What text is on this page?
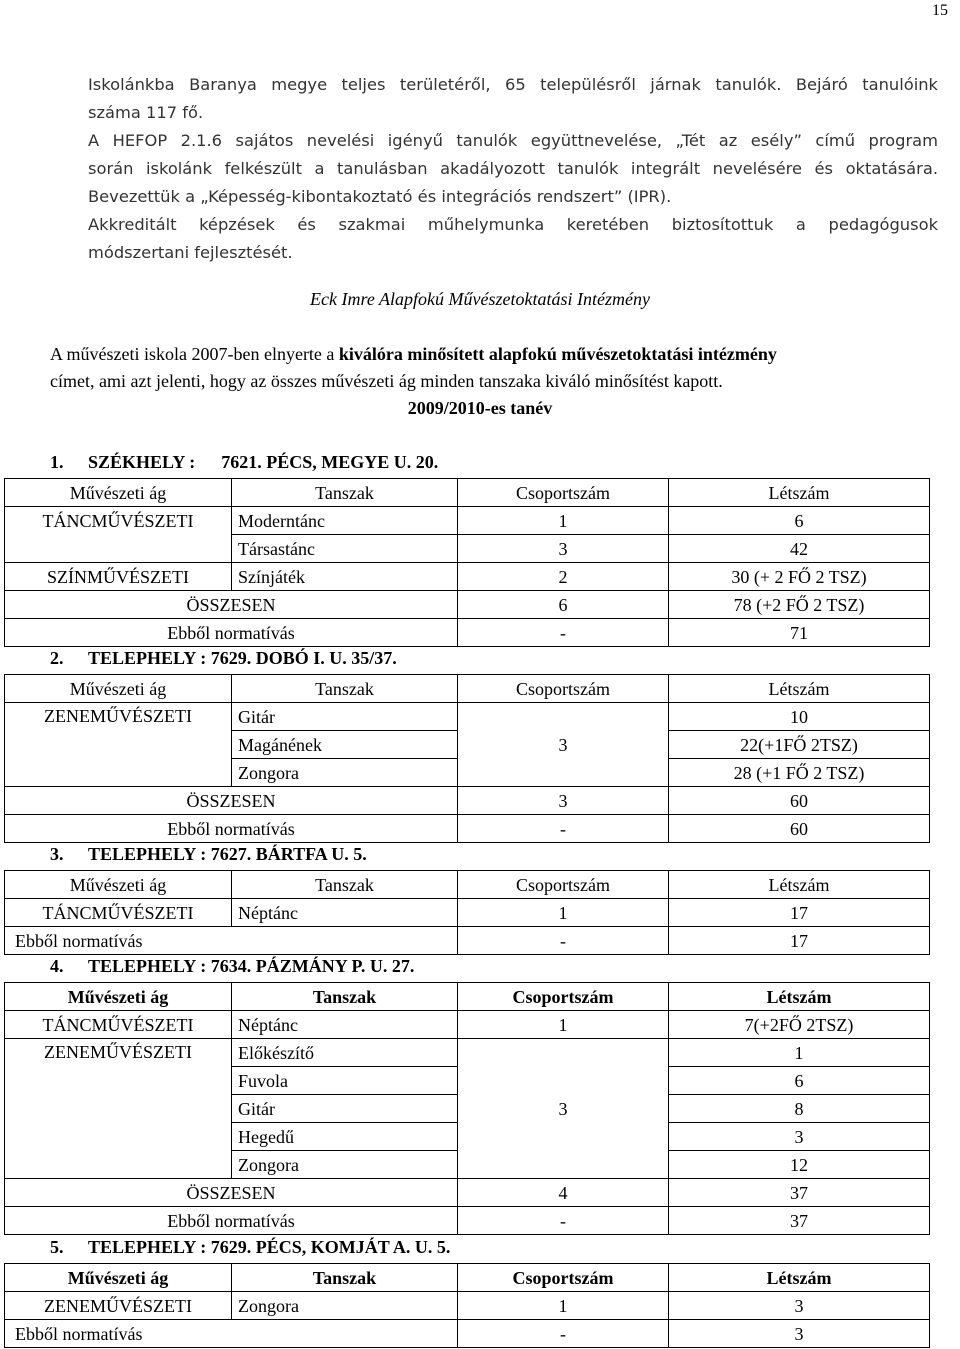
15
Iskolánkba Baranya megye teljes területéről, 65 településről járnak tanulók. Bejáró tanulóink
száma 117 fő.
A HEFOP 2.1.6 sajátos nevelési igényű tanulók együttnevelése, „Tét az esély” című program
során iskolánk felkészült a tanulásban akadályozott tanulók integrált nevelésére és oktatására.
Bevezettük a „Képesség-kibontakoztató és integrációs rendszert” (IPR).
Akkreditált képzések és szakmai műhelymunka keretében biztosítottuk a pedagógusok
módszertani fejlesztését.
Eck Imre Alapfokú Művészetoktatási Intézmény
A művészeti iskola 2007-ben elnyerte a kiválóra minősített alapfokú művészetoktatási intézmény
címet, ami azt jelenti, hogy az összes művészeti ág minden tanszaka kiváló minősítést kapott.
2009/2010-es tanév
1. SZÉKHELY : 7621. PÉCS, MEGYE U. 20.
Művészeti ág	Tanszak	Csoportszám	Létszám
TÁNCMŰVÉSZETI	Moderntánc	1	6
	Társastánc	3	42
SZÍNMŰVÉSZETI	Színjáték	2	30 (+ 2 FŐ 2 TSZ)
ÖSSZESEN		6	78 (+2 FŐ 2 TSZ)
Ebből normatívás		-	71
2. TELEPHELY : 7629. DOBÓ I. U. 35/37.
Művészeti ág	Tanszak	Csoportszám	Létszám
ZENEMŰVÉSZETI	Gitár	3	10
	Magánének		22(+1FŐ 2TSZ)
	Zongora		28 (+1 FŐ 2 TSZ)
ÖSSZESEN		3	60
Ebből normatívás		-	60
3. TELEPHELY : 7627. BÁRTFA U. 5.
Művészeti ág	Tanszak	Csoportszám	Létszám
TÁNCMŰVÉSZETI	Néptánc	1	17
Ebből normatívás		-	17
4. TELEPHELY : 7634. PÁZMÁNY P. U. 27.
Művészeti ág	Tanszak	Csoportszám	Létszám
TÁNCMŰVÉSZETI	Néptánc	1	7(+2FŐ 2TSZ)
ZENEMŰVÉSZETI	Előkészítő	3	1
	Fuvola		6
	Gitár		8
	Hegedű		3
	Zongora		12
ÖSSZESEN		4	37
Ebből normatívás		-	37
5. TELEPHELY : 7629. PÉCS, KOMJÁT A. U. 5.
Művészeti ág	Tanszak	Csoportszám	Létszám
ZENEMŰVÉSZETI	Zongora	1	3
Ebből normatívás		-	3
